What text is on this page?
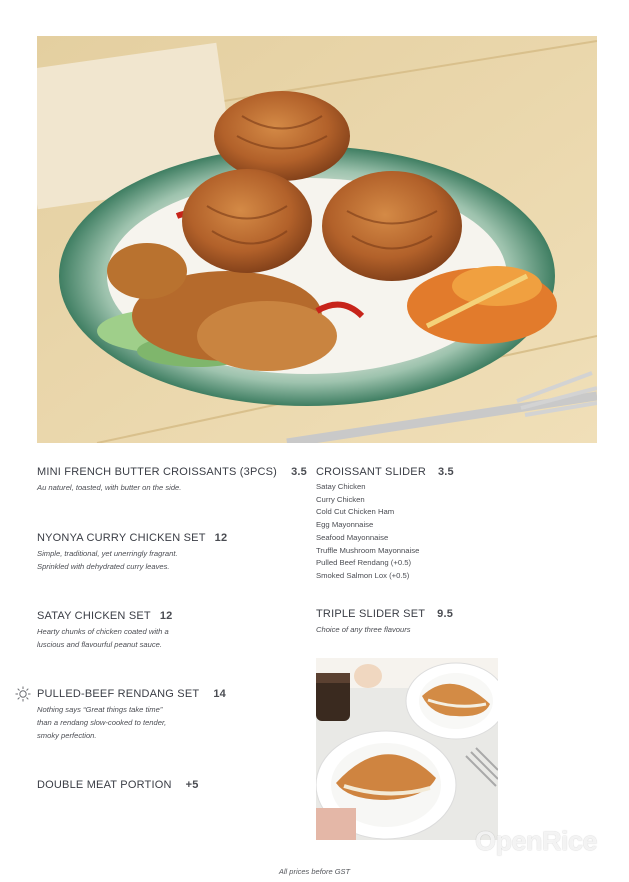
MINI FRENCH BUTTER CROISSANTS (3PCS) 3.5
Au naturel, toasted, with butter on the side.
NYONYA CURRY CHICKEN SET 12
Simple, traditional, yet unerringly fragrant.
Sprinkled with dehydrated curry leaves.
SATAY CHICKEN SET 12
Hearty chunks of chicken coated with a
luscious and flavourful peanut sauce.
PULLED-BEEF RENDANG SET 14
Nothing says “Great things take time”
than a rendang slow-cooked to tender,
smoky perfection.
DOUBLE MEAT PORTION +5
CROISSANT SLIDER 3.5
Satay Chicken
Curry Chicken
Cold Cut Chicken Ham
Egg Mayonnaise
Seafood Mayonnaise
Truffle Mushroom Mayonnaise
Pulled Beef Rendang (+0.5)
Smoked Salmon Lox (+0.5)
TRIPLE SLIDER SET 9.5
Choice of any three flavours
All prices before GST
OpenRice
